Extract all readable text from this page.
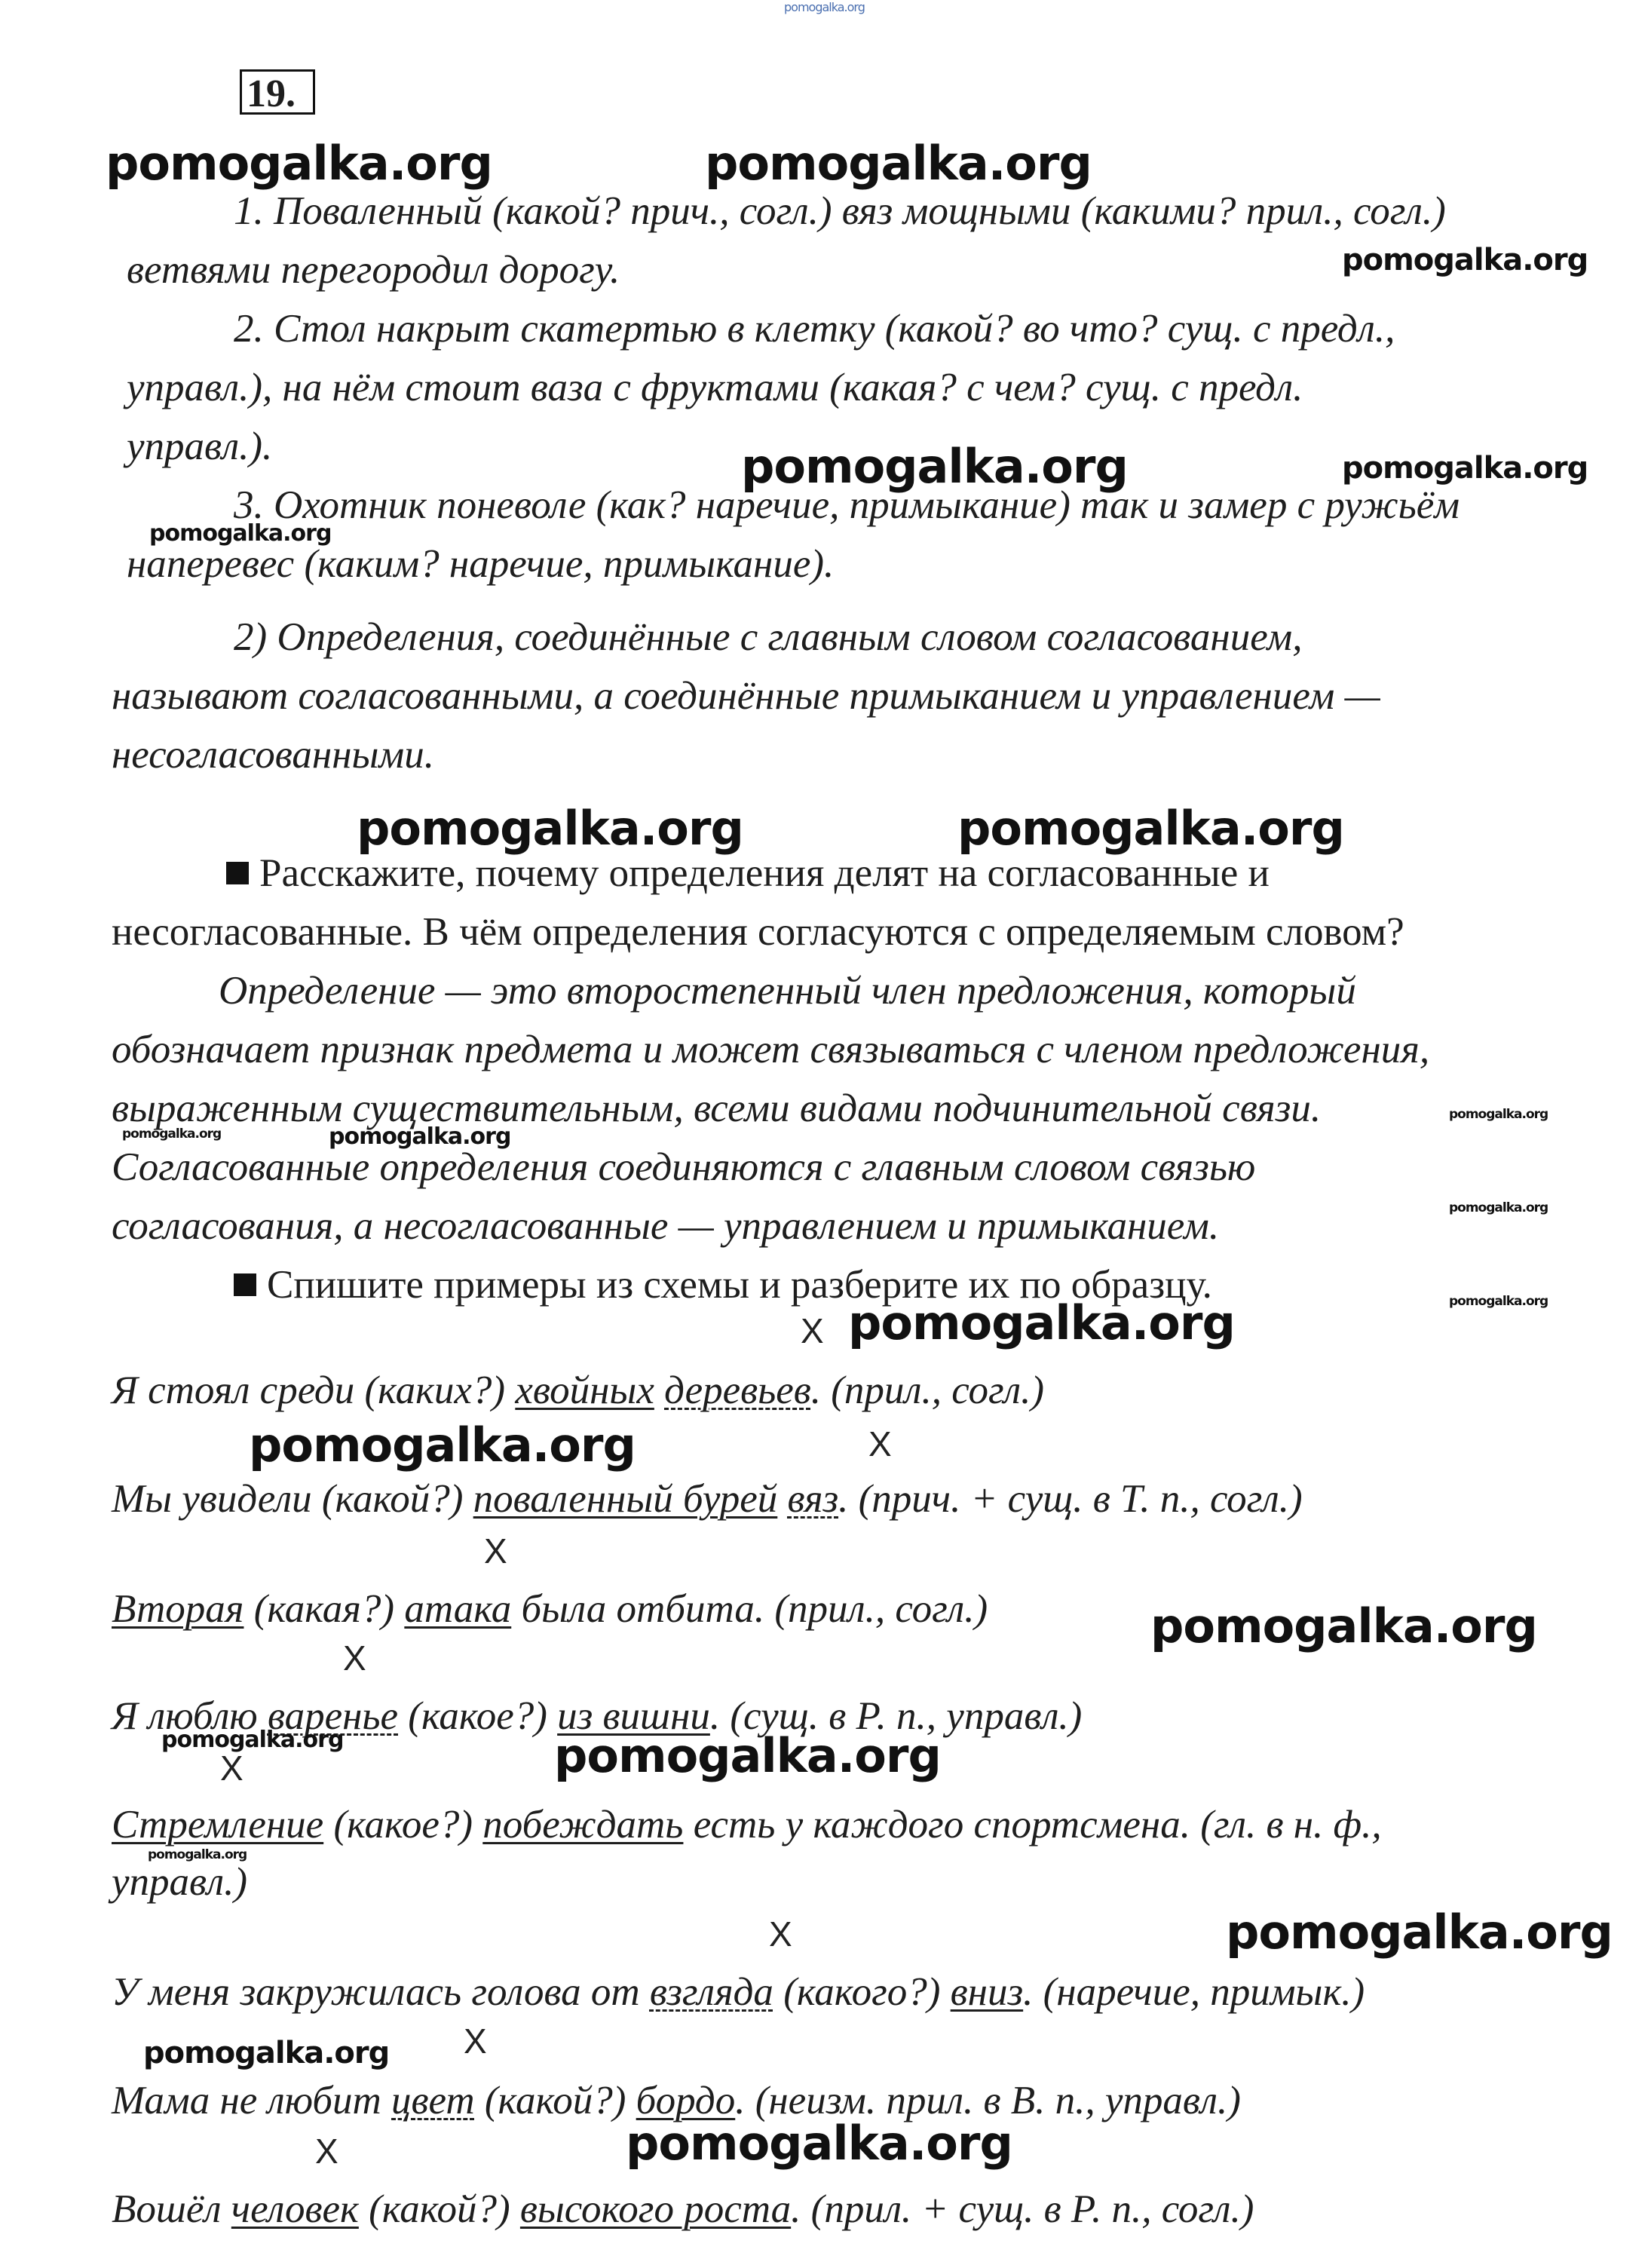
pomogalka.org
19.
1. Поваленный (какой? прич., согл.) вяз мощными (какими? прил., согл.)
ветвями перегородил дорогу.
2. Стол накрыт скатертью в клетку (какой? во что? сущ. с предл.,
управл.), на нём стоит ваза с фруктами (какая? с чем? сущ. с предл.
управл.).
3. Охотник поневоле (как? наречие, примыкание) так и замер с ружьём
наперевес (каким? наречие, примыкание).
2) Определения, соединённые с главным словом согласованием,
называют согласованными, а соединённые примыканием и управлением —
несогласованными.
Расскажите, почему определения делят на согласованные и
несогласованные. В чём определения согласуются с определяемым словом?
Определение — это второстепенный член предложения, который
обозначает признак предмета и может связываться с членом предложения,
выраженным существительным, всеми видами подчинительной связи.
Согласованные определения соединяются с главным словом связью
согласования, а несогласованные — управлением и примыканием.
Спишите примеры из схемы и разберите их по образцу.
Я стоял среди (каких?) хвойных деревьев. (прил., согл.)
Мы увидели (какой?) поваленный бурей вяз. (прич. + сущ. в Т. п., согл.)
Вторая (какая?) атака была отбита. (прил., согл.)
Я люблю варенье (какое?) из вишни. (сущ. в Р. п., управл.)
Стремление (какое?) побеждать есть у каждого спортсмена. (гл. в н. ф.,
управл.)
У меня закружилась голова от взгляда (какого?) вниз. (наречие, примык.)
Мама не любит цвет (какой?) бордо. (неизм. прил. в В. п., управл.)
Вошёл человек (какой?) высокого роста. (прил. + сущ. в Р. п., согл.)
X
X
X
X
X
X
X
X
pomogalka.org	pomogalka.org
pomogalka.org
pomogalka.org	pomogalka.org
pomogalka.org
pomogalka.org	pomogalka.org
pomogalka.org
pomogalka.org	pomogalka.org
pomogalka.org
pomogalka.org
pomogalka.org
pomogalka.org
pomogalka.org
pomogalka.org
pomogalka.org
pomogalka.org
pomogalka.org
pomogalka.org
pomogalka.org
